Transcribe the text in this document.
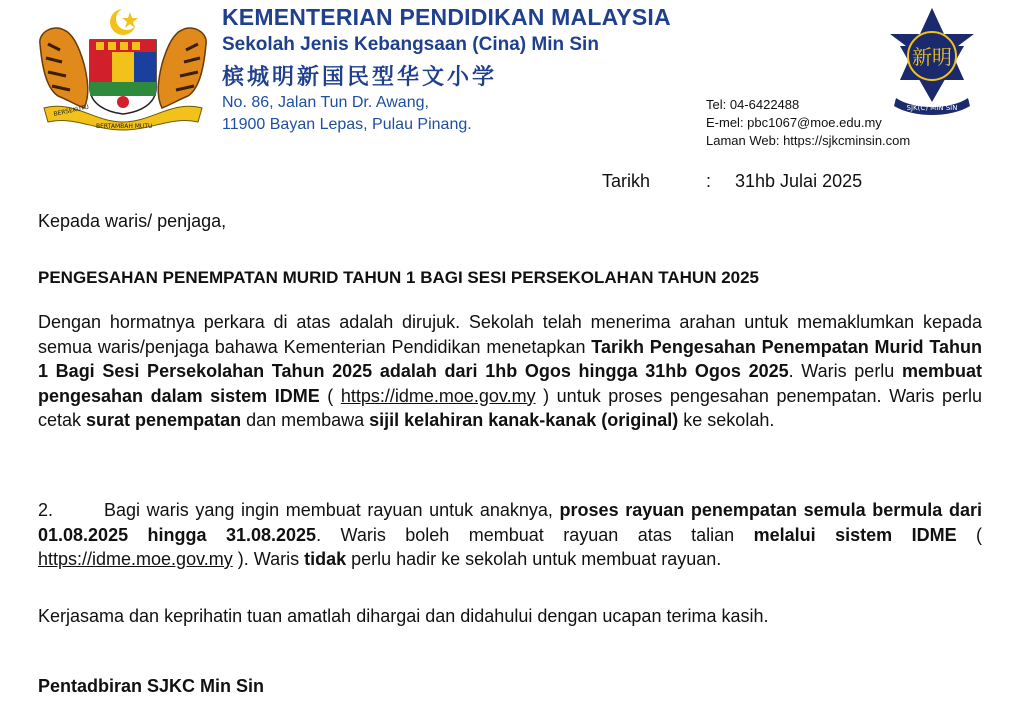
BERSEKUTU
BERTAMBAH MUTU
KEMENTERIAN PENDIDIKAN MALAYSIA
Sekolah Jenis Kebangsaan (Cina) Min Sin
槟城明新国民型华文小学
No. 86, Jalan Tun Dr. Awang,
11900 Bayan Lepas, Pulau Pinang.
Tel: 04-6422488
E-mel: pbc1067@moe.edu.my
Laman Web: https://sjkcminsin.com
新明
SJK(C) MIN SIN
Tarikh	: 31hb Julai 2025
Kepada waris/ penjaga,
PENGESAHAN PENEMPATAN MURID TAHUN 1 BAGI SESI PERSEKOLAHAN TAHUN 2025
Dengan hormatnya perkara di atas adalah dirujuk. Sekolah telah menerima arahan untuk memaklumkan kepada semua waris/penjaga bahawa Kementerian Pendidikan menetapkan Tarikh Pengesahan Penempatan Murid Tahun 1 Bagi Sesi Persekolahan Tahun 2025 adalah dari 1hb Ogos hingga 31hb Ogos 2025. Waris perlu membuat pengesahan dalam sistem IDME ( https://idme.moe.gov.my ) untuk proses pengesahan penempatan. Waris perlu cetak surat penempatan dan membawa sijil kelahiran kanak-kanak (original) ke sekolah.
2.	Bagi waris yang ingin membuat rayuan untuk anaknya, proses rayuan penempatan semula bermula dari 01.08.2025 hingga 31.08.2025. Waris boleh membuat rayuan atas talian melalui sistem IDME ( https://idme.moe.gov.my ). Waris tidak perlu hadir ke sekolah untuk membuat rayuan.
Kerjasama dan keprihatin tuan amatlah dihargai dan didahului dengan ucapan terima kasih.
Pentadbiran SJKC Min Sin
